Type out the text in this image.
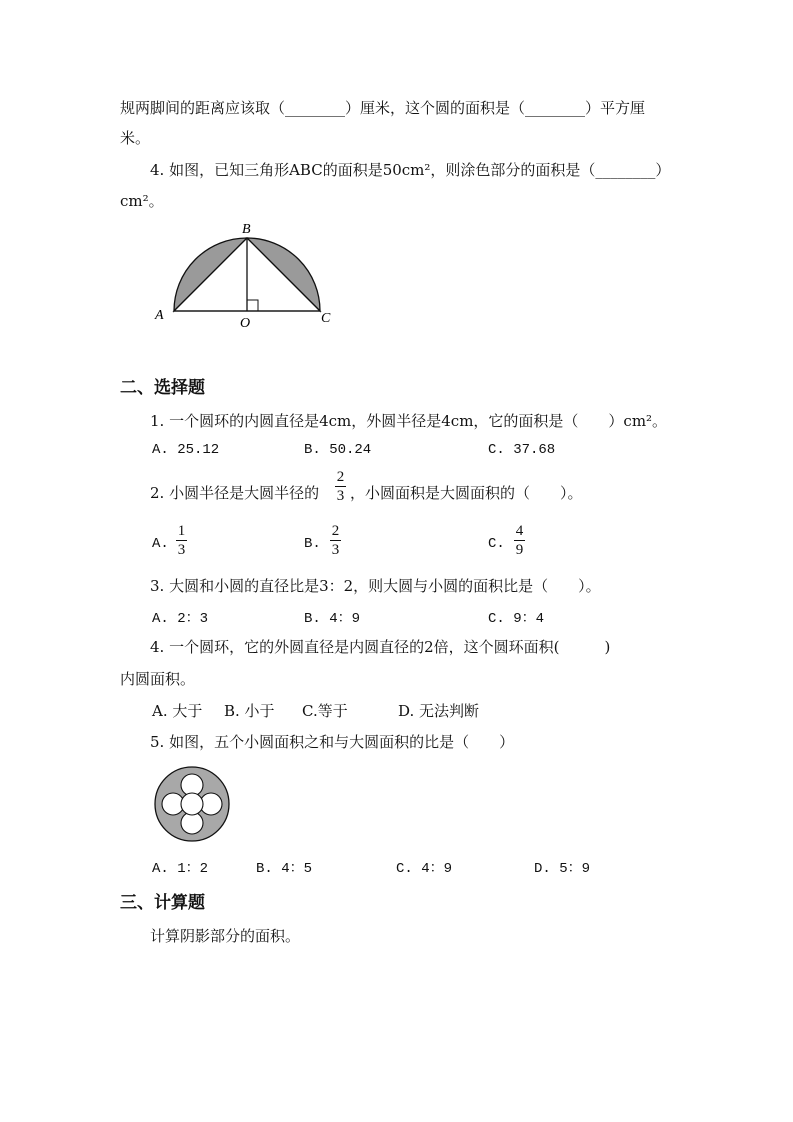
规两脚间的距离应该取（________）厘米，这个圆的面积是（________）平方厘
米。
4. 如图，已知三角形ABC的面积是50cm²，则涂色部分的面积是（________）
cm²。
A
B
C
O
二、选择题
1. 一个圆环的内圆直径是4cm，外圆半径是4cm，它的面积是（　　）cm²。
A. 25.12	B. 50.24	C. 37.68
2. 小圆半径是大圆半径的
2
3 ，小圆面积是大圆面积的（　　）。
A.
1
3	B.
2
3	C.
4
9
3. 大圆和小圆的直径比是3：2，则大圆与小圆的面积比是（　　）。
A. 2：3	B. 4：9	C. 9：4
4. 一个圆环，它的外圆直径是内圆直径的2倍，这个圆环面积(　　　)
内圆面积。
A. 大于 B. 小于 C.等于	D. 无法判断
5. 如图，五个小圆面积之和与大圆面积的比是（　　）
A. 1：2	B. 4：5	C. 4：9	D. 5：9
三、计算题
计算阴影部分的面积。
